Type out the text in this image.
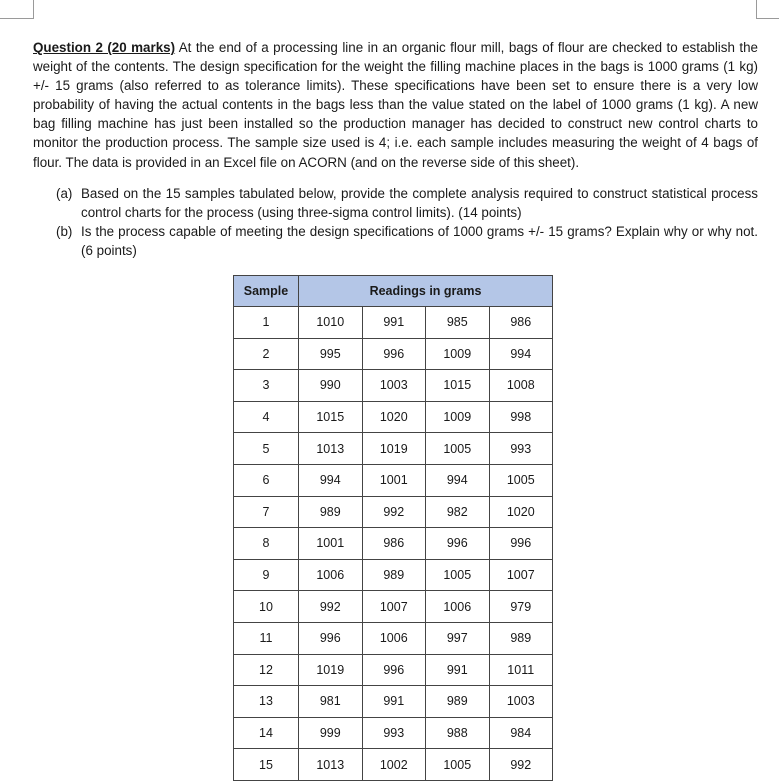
Question 2 (20 marks) At the end of a processing line in an organic flour mill, bags of flour are checked to establish the weight of the contents. The design specification for the weight the filling machine places in the bags is 1000 grams (1 kg) +/- 15 grams (also referred to as tolerance limits). These specifications have been set to ensure there is a very low probability of having the actual contents in the bags less than the value stated on the label of 1000 grams (1 kg). A new bag filling machine has just been installed so the production manager has decided to construct new control charts to monitor the production process. The sample size used is 4; i.e. each sample includes measuring the weight of 4 bags of flour. The data is provided in an Excel file on ACORN (and on the reverse side of this sheet).
(a) Based on the 15 samples tabulated below, provide the complete analysis required to construct statistical process control charts for the process (using three-sigma control limits). (14 points)
(b) Is the process capable of meeting the design specifications of 1000 grams +/- 15 grams? Explain why or why not. (6 points)
Sample	Readings in grams			
1	1010	991	985	986
2	995	996	1009	994
3	990	1003	1015	1008
4	1015	1020	1009	998
5	1013	1019	1005	993
6	994	1001	994	1005
7	989	992	982	1020
8	1001	986	996	996
9	1006	989	1005	1007
10	992	1007	1006	979
11	996	1006	997	989
12	1019	996	991	1011
13	981	991	989	1003
14	999	993	988	984
15	1013	1002	1005	992
